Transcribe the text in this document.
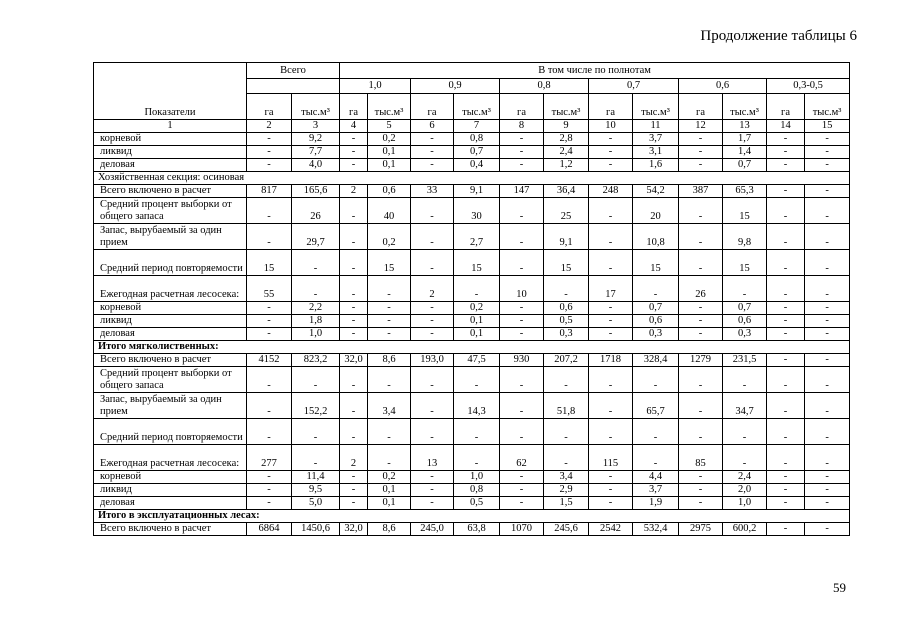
Продолжение таблицы 6
Показатели	Всего		В том числе по полнотам											
			1,0		0,9		0,8		0,7		0,6		0,3-0,5	
	га	тыс.м³	га	тыс.м³	га	тыс.м³	га	тыс.м³	га	тыс.м³	га	тыс.м³	га	тыс.м³
1	2	3	4	5	6	7	8	9	10	11	12	13	14	15
корневой	-	9,2	-	0,2	-	0,8	-	2,8	-	3,7	-	1,7	-	-
ликвид	-	7,7	-	0,1	-	0,7	-	2,4	-	3,1	-	1,4	-	-
деловая	-	4,0	-	0,1	-	0,4	-	1,2	-	1,6	-	0,7	-	-
Хозяйственная секция: осиновая														
Всего включено в расчет	817	165,6	2	0,6	33	9,1	147	36,4	248	54,2	387	65,3	-	-
Средний процент выборки от общего запаса	-	26	-	40	-	30	-	25	-	20	-	15	-	-
Запас, вырубаемый за один прием	-	29,7	-	0,2	-	2,7	-	9,1	-	10,8	-	9,8	-	-
Средний период повторяемости	15	-	-	15	-	15	-	15	-	15	-	15	-	-
Ежегодная расчетная лесосека:	55	-	-	-	2	-	10	-	17	-	26	-	-	-
корневой	-	2,2	-	-	-	0,2	-	0,6	-	0,7	-	0,7	-	-
ликвид	-	1,8	-	-	-	0,1	-	0,5	-	0,6	-	0,6	-	-
деловая	-	1,0	-	-	-	0,1	-	0,3	-	0,3	-	0,3	-	-
Итого мягколиственных:														
Всего включено в расчет	4152	823,2	32,0	8,6	193,0	47,5	930	207,2	1718	328,4	1279	231,5	-	-
Средний процент выборки от общего запаса	-	-	-	-	-	-	-	-	-	-	-	-	-	-
Запас, вырубаемый за один прием	-	152,2	-	3,4	-	14,3	-	51,8	-	65,7	-	34,7	-	-
Средний период повторяемости	-	-	-	-	-	-	-	-	-	-	-	-	-	-
Ежегодная расчетная лесосека:	277	-	2	-	13	-	62	-	115	-	85	-	-	-
корневой	-	11,4	-	0,2	-	1,0	-	3,4	-	4,4	-	2,4	-	-
ликвид	-	9,5	-	0,1	-	0,8	-	2,9	-	3,7	-	2,0	-	-
деловая	-	5,0	-	0,1	-	0,5	-	1,5	-	1,9	-	1,0	-	-
Итого в эксплуатационных лесах:														
Всего включено в расчет	6864	1450,6	32,0	8,6	245,0	63,8	1070	245,6	2542	532,4	2975	600,2	-	-
59
